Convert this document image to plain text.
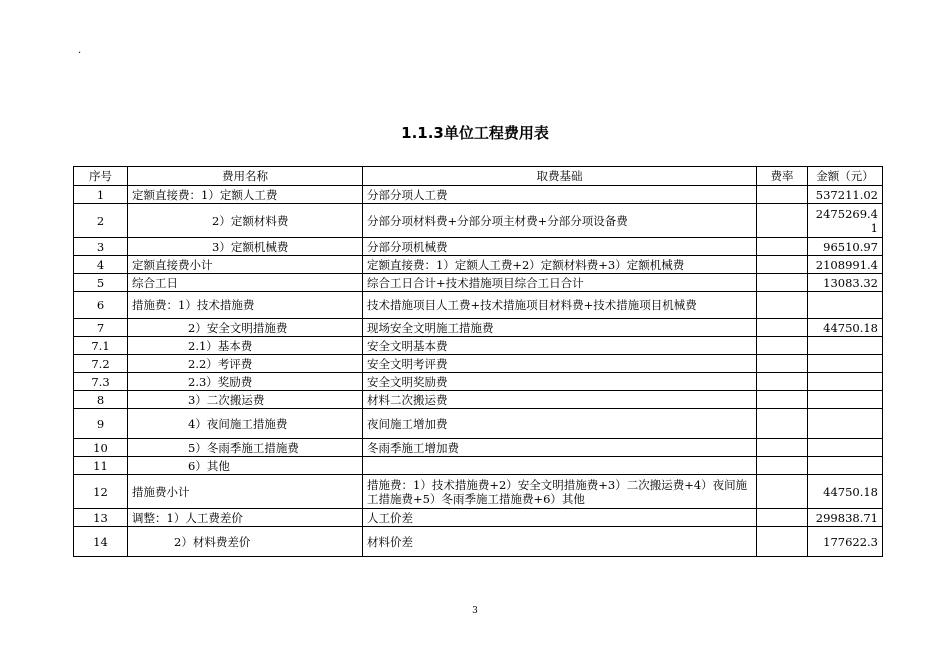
.
1.1.3单位工程费用表
序号	费用名称	取费基础	费率	金额（元）
1	定额直接费：1）定额人工费	分部分项人工费		537211.02
2	2）定额材料费	分部分项材料费+分部分项主材费+分部分项设备费		2475269.41
3	3）定额机械费	分部分项机械费		96510.97
4	定额直接费小计	定额直接费：1）定额人工费+2）定额材料费+3）定额机械费		2108991.4
5	综合工日	综合工日合计+技术措施项目综合工日合计		13083.32
6	措施费：1）技术措施费	技术措施项目人工费+技术措施项目材料费+技术措施项目机械费		
7	2）安全文明措施费	现场安全文明施工措施费		44750.18
7.1	2.1）基本费	安全文明基本费		
7.2	2.2）考评费	安全文明考评费		
7.3	2.3）奖励费	安全文明奖励费		
8	3）二次搬运费	材料二次搬运费		
9	4）夜间施工措施费	夜间施工增加费		
10	5）冬雨季施工措施费	冬雨季施工增加费		
11	6）其他			
12	措施费小计	措施费：1）技术措施费+2）安全文明措施费+3）二次搬运费+4）夜间施工措施费+5）冬雨季施工措施费+6）其他		44750.18
13	调整：1）人工费差价	人工价差		299838.71
14	2）材料费差价	材料价差		177622.3
3
